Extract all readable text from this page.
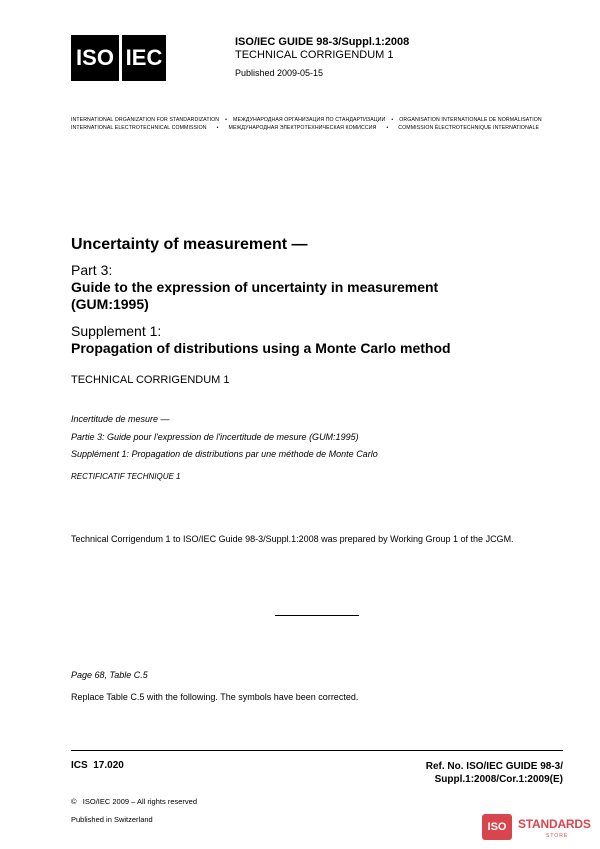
ISO IEC
ISO/IEC GUIDE 98-3/Suppl.1:2008
TECHNICAL CORRIGENDUM 1
Published 2009-05-15
INTERNATIONAL ORGANIZATION FOR STANDARDIZATION • МЕЖДУНАРОДНАЯ ОРГАНИЗАЦИЯ ПО СТАНДАРТИЗАЦИИ • ORGANISATION INTERNATIONALE DE NORMALISATION
INTERNATIONAL ELECTROTECHNICAL COMMISSION • МЕЖДУНАРОДНАЯ ЭЛЕКТРОТЕХНИЧЕСКАЯ КОМИССИЯ • COMMISSION ÉLECTROTECHNIQUE INTERNATIONALE
Uncertainty of measurement —
Part 3:
Guide to the expression of uncertainty in measurement (GUM:1995)
Supplement 1:
Propagation of distributions using a Monte Carlo method
TECHNICAL CORRIGENDUM 1
Incertitude de mesure —
Partie 3: Guide pour l'expression de l'incertitude de mesure (GUM:1995)
Supplément 1: Propagation de distributions par une méthode de Monte Carlo
RECTIFICATIF TECHNIQUE 1
Technical Corrigendum 1 to ISO/IEC Guide 98-3/Suppl.1:2008 was prepared by Working Group 1 of the JCGM.
Page 68, Table C.5
Replace Table C.5 with the following. The symbols have been corrected.
ICS  17.020	Ref. No. ISO/IEC GUIDE 98-3/
Suppl.1:2008/Cor.1:2009(E)
©   ISO/IEC 2009 – All rights reserved
Published in Switzerland
ISO STANDARDS
STORE
